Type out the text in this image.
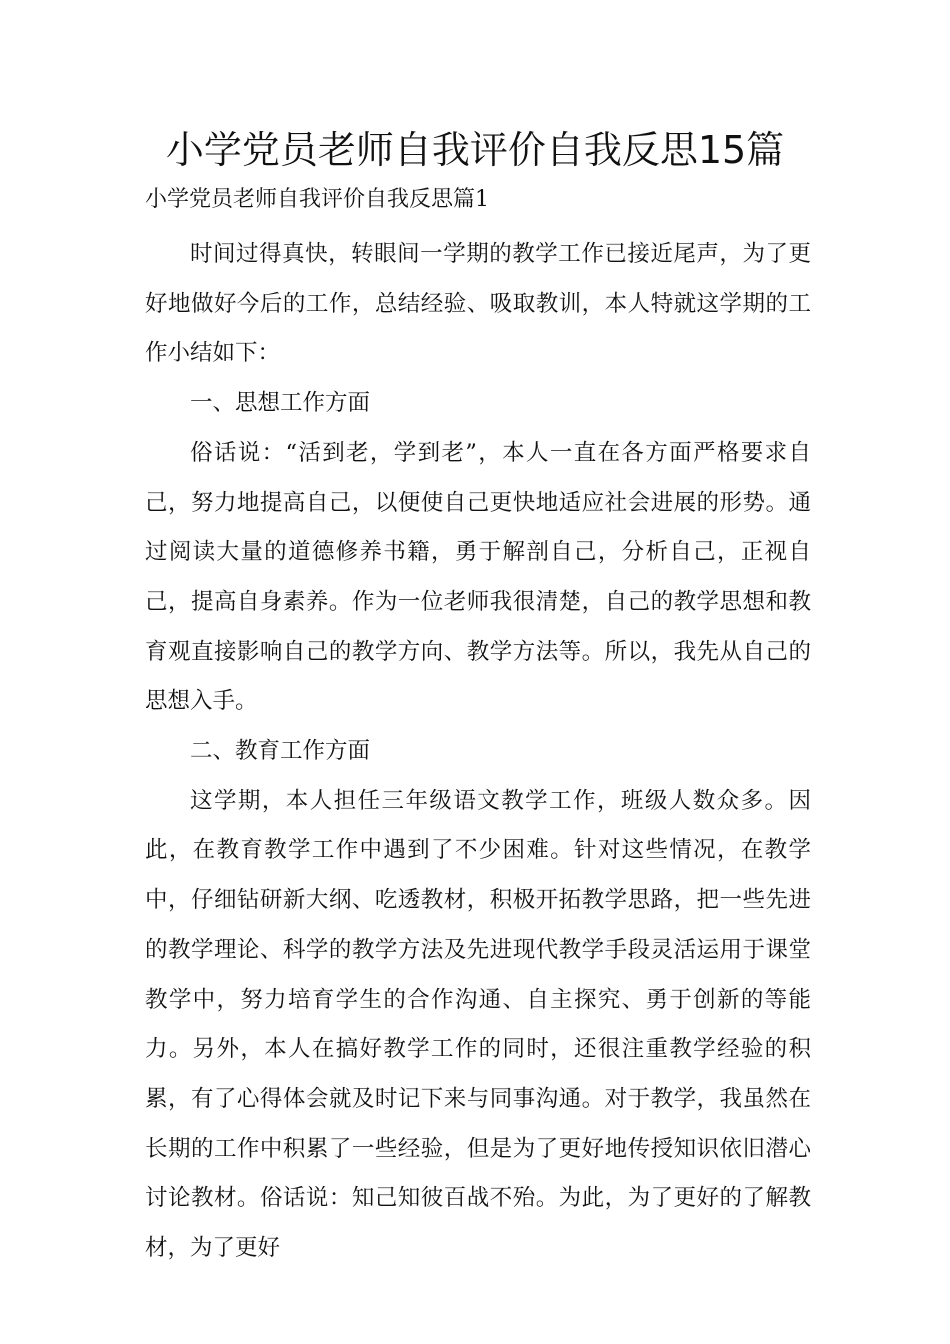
小学党员老师自我评价自我反思15篇
小学党员老师自我评价自我反思篇1

时间过得真快，转眼间一学期的教学工作已接近尾声，为了更好地做好今后的工作，总结经验、吸取教训，本人特就这学期的工作小结如下：

一、思想工作方面

俗话说：“活到老，学到老”，本人一直在各方面严格要求自己，努力地提高自己，以便使自己更快地适应社会进展的形势。通过阅读大量的道德修养书籍，勇于解剖自己，分析自己，正视自己，提高自身素养。作为一位老师我很清楚，自己的教学思想和教育观直接影响自己的教学方向、教学方法等。所以，我先从自己的思想入手。

二、教育工作方面

这学期，本人担任三年级语文教学工作，班级人数众多。因此，在教育教学工作中遇到了不少困难。针对这些情况，在教学中，仔细钻研新大纲、吃透教材，积极开拓教学思路，把一些先进的教学理论、科学的教学方法及先进现代教学手段灵活运用于课堂教学中，努力培育学生的合作沟通、自主探究、勇于创新的等能力。另外，本人在搞好教学工作的同时，还很注重教学经验的积累，有了心得体会就及时记下来与同事沟通。对于教学，我虽然在长期的工作中积累了一些经验，但是为了更好地传授知识依旧潜心讨论教材。俗话说：知己知彼百战不殆。为此，为了更好的了解教材，为了更好
